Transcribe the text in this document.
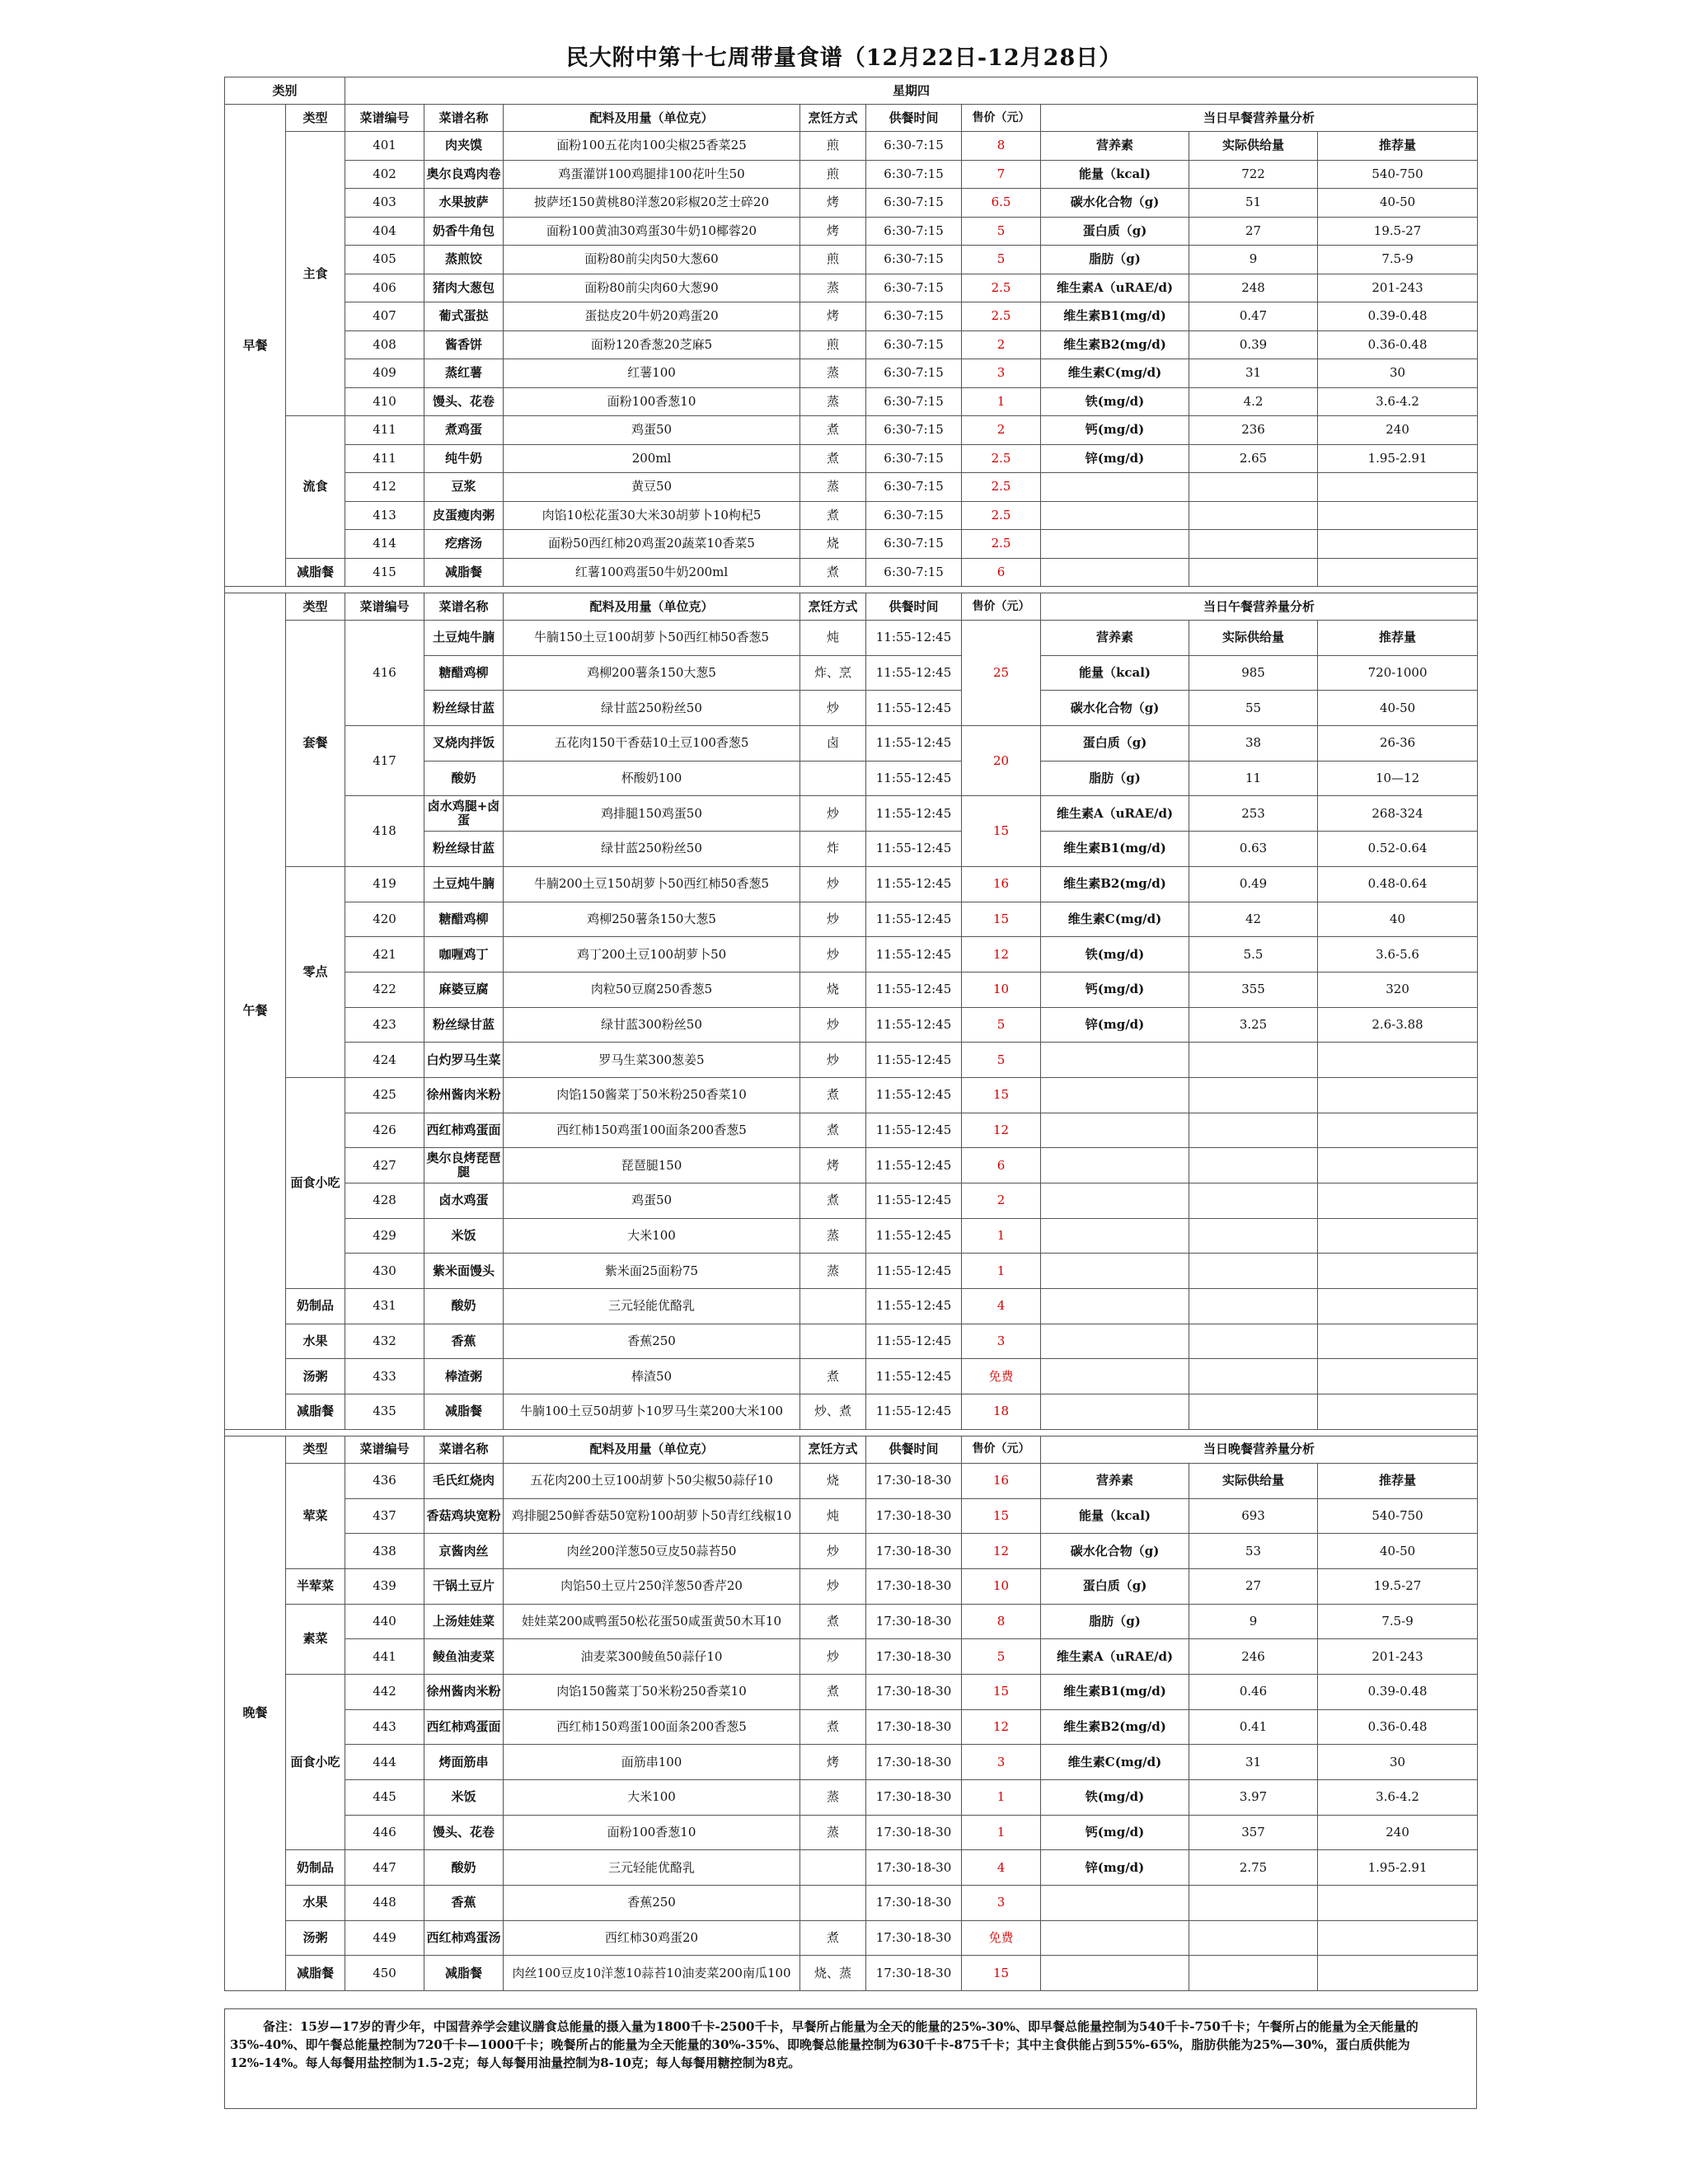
民大附中第十七周带量食谱（12月22日-12月28日）
类别		星期四								
早餐	类型	菜谱编号	菜谱名称	配料及用量（单位克）	烹饪方式	供餐时间	售价（元）	当日早餐营养量分析		
	主食	401	肉夹馍	面粉100五花肉100尖椒25香菜25	煎	6:30-7:15	8	营养素	实际供给量	推荐量
		402	奥尔良鸡肉卷	鸡蛋灌饼100鸡腿排100花叶生50	煎	6:30-7:15	7	能量（kcal)	722	540-750
		403	水果披萨	披萨坯150黄桃80洋葱20彩椒20芝士碎20	烤	6:30-7:15	6.5	碳水化合物（g)	51	40-50
		404	奶香牛角包	面粉100黄油30鸡蛋30牛奶10椰蓉20	烤	6:30-7:15	5	蛋白质（g)	27	19.5-27
		405	蒸煎饺	面粉80前尖肉50大葱60	煎	6:30-7:15	5	脂肪（g)	9	7.5-9
		406	猪肉大葱包	面粉80前尖肉60大葱90	蒸	6:30-7:15	2.5	维生素A（uRAE/d)	248	201-243
		407	葡式蛋挞	蛋挞皮20牛奶20鸡蛋20	烤	6:30-7:15	2.5	维生素B1(mg/d)	0.47	0.39-0.48
		408	酱香饼	面粉120香葱20芝麻5	煎	6:30-7:15	2	维生素B2(mg/d)	0.39	0.36-0.48
		409	蒸红薯	红薯100	蒸	6:30-7:15	3	维生素C(mg/d)	31	30
		410	馒头、花卷	面粉100香葱10	蒸	6:30-7:15	1	铁(mg/d)	4.2	3.6-4.2
	流食	411	煮鸡蛋	鸡蛋50	煮	6:30-7:15	2	钙(mg/d)	236	240
		411	纯牛奶	200ml	煮	6:30-7:15	2.5	锌(mg/d)	2.65	1.95-2.91
		412	豆浆	黄豆50	蒸	6:30-7:15	2.5			
		413	皮蛋瘦肉粥	肉馅10松花蛋30大米30胡萝卜10枸杞5	煮	6:30-7:15	2.5			
		414	疙瘩汤	面粉50西红柿20鸡蛋20蔬菜10香菜5	烧	6:30-7:15	2.5			
	减脂餐	415	减脂餐	红薯100鸡蛋50牛奶200ml	煮	6:30-7:15	6			

午餐	类型	菜谱编号	菜谱名称	配料及用量（单位克）	烹饪方式	供餐时间	售价（元）	当日午餐营养量分析		
	套餐	416	土豆炖牛腩	牛腩150土豆100胡萝卜50西红柿50香葱5	炖	11:55-12:45	25	营养素	实际供给量	推荐量
			糖醋鸡柳	鸡柳200薯条150大葱5	炸、烹	11:55-12:45		能量（kcal)	985	720-1000
			粉丝绿甘蓝	绿甘蓝250粉丝50	炒	11:55-12:45		碳水化合物（g)	55	40-50
		417	叉烧肉拌饭	五花肉150干香菇10土豆100香葱5	卤	11:55-12:45	20	蛋白质（g)	38	26-36
			酸奶	杯酸奶100		11:55-12:45		脂肪（g)	11	10—12
		418	卤水鸡腿+卤蛋	鸡排腿150鸡蛋50	炒	11:55-12:45	15	维生素A（uRAE/d)	253	268-324
			粉丝绿甘蓝	绿甘蓝250粉丝50	炸	11:55-12:45		维生素B1(mg/d)	0.63	0.52-0.64
	零点	419	土豆炖牛腩	牛腩200土豆150胡萝卜50西红柿50香葱5	炒	11:55-12:45	16	维生素B2(mg/d)	0.49	0.48-0.64
		420	糖醋鸡柳	鸡柳250薯条150大葱5	炒	11:55-12:45	15	维生素C(mg/d)	42	40
		421	咖喱鸡丁	鸡丁200土豆100胡萝卜50	炒	11:55-12:45	12	铁(mg/d)	5.5	3.6-5.6
		422	麻婆豆腐	肉粒50豆腐250香葱5	烧	11:55-12:45	10	钙(mg/d)	355	320
		423	粉丝绿甘蓝	绿甘蓝300粉丝50	炒	11:55-12:45	5	锌(mg/d)	3.25	2.6-3.88
		424	白灼罗马生菜	罗马生菜300葱姜5	炒	11:55-12:45	5			
	面食小吃	425	徐州酱肉米粉	肉馅150酱菜丁50米粉250香菜10	煮	11:55-12:45	15			
		426	西红柿鸡蛋面	西红柿150鸡蛋100面条200香葱5	煮	11:55-12:45	12			
		427	奥尔良烤琵琶腿	琵琶腿150	烤	11:55-12:45	6			
		428	卤水鸡蛋	鸡蛋50	煮	11:55-12:45	2			
		429	米饭	大米100	蒸	11:55-12:45	1			
		430	紫米面馒头	紫米面25面粉75	蒸	11:55-12:45	1			
	奶制品	431	酸奶	三元轻能优酪乳		11:55-12:45	4			
	水果	432	香蕉	香蕉250		11:55-12:45	3			
	汤粥	433	棒渣粥	棒渣50	煮	11:55-12:45	免费			
	减脂餐	435	减脂餐	牛腩100土豆50胡萝卜10罗马生菜200大米100	炒、煮	11:55-12:45	18			

晚餐	类型	菜谱编号	菜谱名称	配料及用量（单位克）	烹饪方式	供餐时间	售价（元）	当日晚餐营养量分析		
	荤菜	436	毛氏红烧肉	五花肉200土豆100胡萝卜50尖椒50蒜仔10	烧	17:30-18-30	16	营养素	实际供给量	推荐量
		437	香菇鸡块宽粉	鸡排腿250鲜香菇50宽粉100胡萝卜50青红线椒10	炖	17:30-18-30	15	能量（kcal)	693	540-750
		438	京酱肉丝	肉丝200洋葱50豆皮50蒜苔50	炒	17:30-18-30	12	碳水化合物（g)	53	40-50
	半荤菜	439	干锅土豆片	肉馅50土豆片250洋葱50香芹20	炒	17:30-18-30	10	蛋白质（g)	27	19.5-27
	素菜	440	上汤娃娃菜	娃娃菜200咸鸭蛋50松花蛋50咸蛋黄50木耳10	煮	17:30-18-30	8	脂肪（g)	9	7.5-9
		441	鲮鱼油麦菜	油麦菜300鲮鱼50蒜仔10	炒	17:30-18-30	5	维生素A（uRAE/d)	246	201-243
	面食小吃	442	徐州酱肉米粉	肉馅150酱菜丁50米粉250香菜10	煮	17:30-18-30	15	维生素B1(mg/d)	0.46	0.39-0.48
		443	西红柿鸡蛋面	西红柿150鸡蛋100面条200香葱5	煮	17:30-18-30	12	维生素B2(mg/d)	0.41	0.36-0.48
		444	烤面筋串	面筋串100	烤	17:30-18-30	3	维生素C(mg/d)	31	30
		445	米饭	大米100	蒸	17:30-18-30	1	铁(mg/d)	3.97	3.6-4.2
		446	馒头、花卷	面粉100香葱10	蒸	17:30-18-30	1	钙(mg/d)	357	240
	奶制品	447	酸奶	三元轻能优酪乳		17:30-18-30	4	锌(mg/d)	2.75	1.95-2.91
	水果	448	香蕉	香蕉250		17:30-18-30	3			
	汤粥	449	西红柿鸡蛋汤	西红柿30鸡蛋20	煮	17:30-18-30	免费			
	减脂餐	450	减脂餐	肉丝100豆皮10洋葱10蒜苔10油麦菜200南瓜100	烧、蒸	17:30-18-30	15			
备注：15岁—17岁的青少年，中国营养学会建议膳食总能量的摄入量为1800千卡-2500千卡，早餐所占能量为全天的能量的25%-30%、即早餐总能量控制为540千卡-750千卡；午餐所占的能量为全天能量的35%-40%、即午餐总能量控制为720千卡—1000千卡；晚餐所占的能量为全天能量的30%-35%、即晚餐总能量控制为630千卡-875千卡；其中主食供能占到55%-65%，脂肪供能为25%—30%，蛋白质供能为12%-14%。每人每餐用盐控制为1.5-2克；每人每餐用油量控制为8-10克；每人每餐用糖控制为8克。
